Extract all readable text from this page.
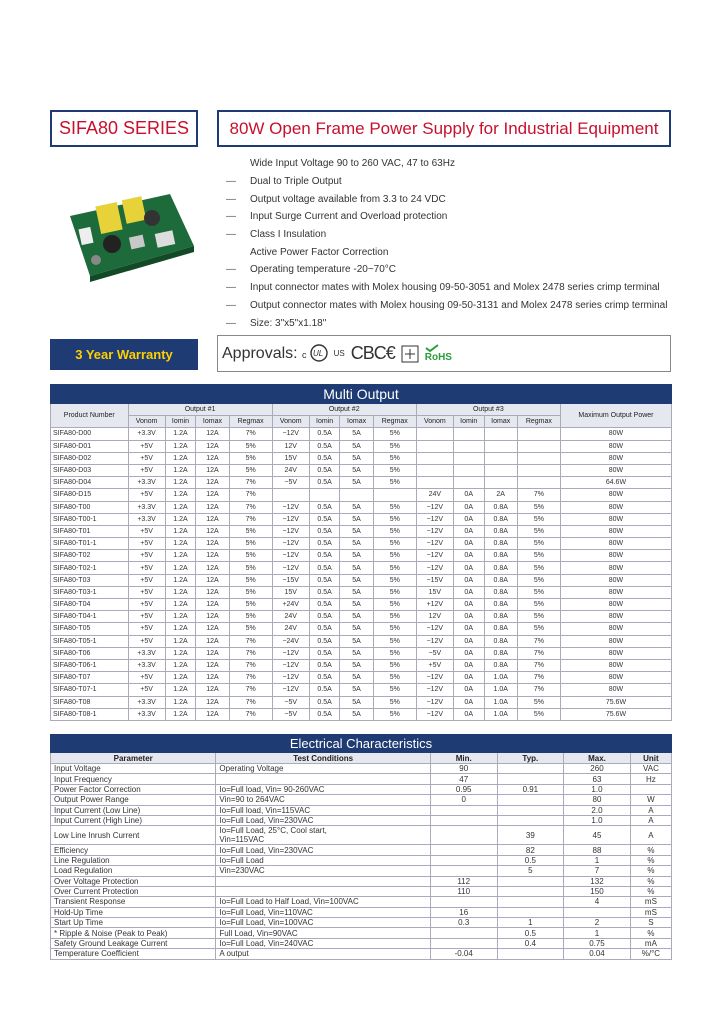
SIFA80 SERIES	80W Open Frame Power Supply for Industrial Equipment
Wide Input Voltage 90 to 260 VAC, 47 to 63Hz
—	Dual to Triple Output
—	Output voltage available from 3.3 to 24 VDC
—	Input Surge Current and Overload protection
—	Class I Insulation
Active Power Factor Correction
—	Operating temperature -20~70°C
—	Input connector mates with Molex housing 09-50-3051 and Molex 2478 series crimp terminal
—	Output connector mates with Molex housing 09-50-3131 and Molex 2478 series crimp terminal
—	Size: 3"x5"x1.18"
3 Year Warranty	Approvals: c UL US CBC€	RoHS
Multi Output													
Product Number	Output #1				Output #2				Output #3				Maximum Output Power
	Vonom	Iomin	Iomax	Regmax	Vonom	Iomin	Iomax	Regmax	Vonom	Iomin	Iomax	Regmax	
SIFA80-D00	+3.3V	1.2A	12A	7%	−12V	0.5A	5A	5%					80W
SIFA80-D01	+5V	1.2A	12A	5%	12V	0.5A	5A	5%					80W
SIFA80-D02	+5V	1.2A	12A	5%	15V	0.5A	5A	5%					80W
SIFA80-D03	+5V	1.2A	12A	5%	24V	0.5A	5A	5%					80W
SIFA80-D04	+3.3V	1.2A	12A	7%	−5V	0.5A	5A	5%					64.6W
SIFA80-D15	+5V	1.2A	12A	7%					24V	0A	2A	7%	80W
SIFA80-T00	+3.3V	1.2A	12A	7%	−12V	0.5A	5A	5%	−12V	0A	0.8A	5%	80W
SIFA80-T00-1	+3.3V	1.2A	12A	7%	−12V	0.5A	5A	5%	−12V	0A	0.8A	5%	80W
SIFA80-T01	+5V	1.2A	12A	5%	−12V	0.5A	5A	5%	−12V	0A	0.8A	5%	80W
SIFA80-T01-1	+5V	1.2A	12A	5%	−12V	0.5A	5A	5%	−12V	0A	0.8A	5%	80W
SIFA80-T02	+5V	1.2A	12A	5%	−12V	0.5A	5A	5%	−12V	0A	0.8A	5%	80W
SIFA80-T02-1	+5V	1.2A	12A	5%	−12V	0.5A	5A	5%	−12V	0A	0.8A	5%	80W
SIFA80-T03	+5V	1.2A	12A	5%	−15V	0.5A	5A	5%	−15V	0A	0.8A	5%	80W
SIFA80-T03-1	+5V	1.2A	12A	5%	15V	0.5A	5A	5%	15V	0A	0.8A	5%	80W
SIFA80-T04	+5V	1.2A	12A	5%	+24V	0.5A	5A	5%	+12V	0A	0.8A	5%	80W
SIFA80-T04-1	+5V	1.2A	12A	5%	24V	0.5A	5A	5%	12V	0A	0.8A	5%	80W
SIFA80-T05	+5V	1.2A	12A	5%	24V	0.5A	5A	5%	−12V	0A	0.8A	5%	80W
SIFA80-T05-1	+5V	1.2A	12A	7%	−24V	0.5A	5A	5%	−12V	0A	0.8A	7%	80W
SIFA80-T06	+3.3V	1.2A	12A	7%	−12V	0.5A	5A	5%	−5V	0A	0.8A	7%	80W
SIFA80-T06-1	+3.3V	1.2A	12A	7%	−12V	0.5A	5A	5%	+5V	0A	0.8A	7%	80W
SIFA80-T07	+5V	1.2A	12A	7%	−12V	0.5A	5A	5%	−12V	0A	1.0A	7%	80W
SIFA80-T07-1	+5V	1.2A	12A	7%	−12V	0.5A	5A	5%	−12V	0A	1.0A	7%	80W
SIFA80-T08	+3.3V	1.2A	12A	7%	−5V	0.5A	5A	5%	−12V	0A	1.0A	5%	75.6W
SIFA80-T08-1	+3.3V	1.2A	12A	7%	−5V	0.5A	5A	5%	−12V	0A	1.0A	5%	75.6W
Electrical Characteristics					
Parameter	Test Conditions	Min.	Typ.	Max.	Unit
Input Voltage	Operating Voltage	90		260	VAC
Input Frequency		47		63	Hz
Power Factor Correction	Io=Full load, Vin= 90-260VAC	0.95	0.91	1.0	
Output Power Range	Vin=90 to 264VAC	0		80	W
Input Current (Low Line)	Io=Full load, Vin=115VAC			2.0	A
Input Current (High Line)	Io=Full Load, Vin=230VAC			1.0	A
Low Line Inrush Current	Io=Full Load, 25°C, Cool start,
Vin=115VAC		39	45	A
Efficiency	Io=Full Load, Vin=230VAC		82	88	%
Line Regulation	Io=Full Load		0.5	1	%
Load Regulation	Vin=230VAC		5	7	%
Over Voltage Protection		112		132	%
Over Current Protection		110		150	%
Transient Response	Io=Full Load to Half Load, Vin=100VAC			4	mS
Hold-Up Time	Io=Full Load, Vin=110VAC	16			mS
Start Up Time	Io=Full Load, Vin=100VAC	0.3	1	2	S
* Ripple & Noise (Peak to Peak)	Full Load, Vin=90VAC		0.5	1	%
Safety Ground Leakage Current	Io=Full Load, Vin=240VAC		0.4	0.75	mA
Temperature Coefficient	A output	-0.04		0.04	%/°C
